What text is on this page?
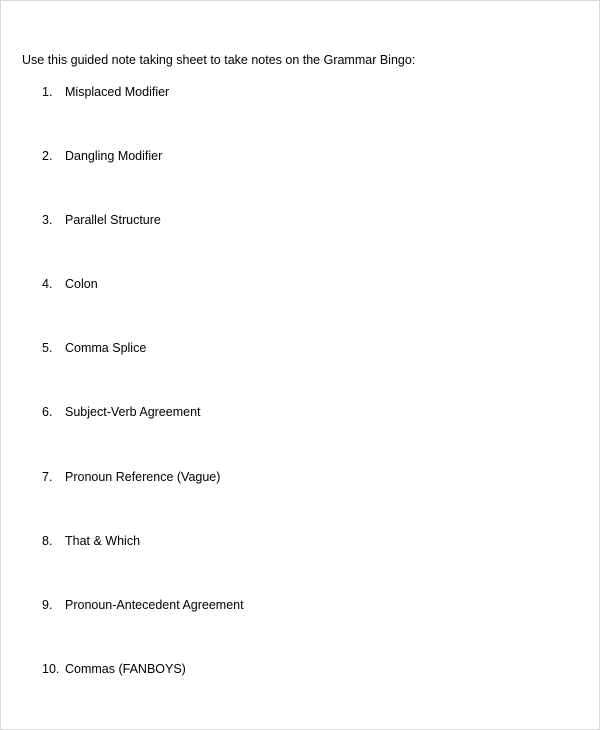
Use this guided note taking sheet to take notes on the Grammar Bingo:

1. Misplaced Modifier
2. Dangling Modifier
3. Parallel Structure
4. Colon
5. Comma Splice
6. Subject-Verb Agreement
7. Pronoun Reference (Vague)
8. That & Which
9. Pronoun-Antecedent Agreement
10. Commas (FANBOYS)
